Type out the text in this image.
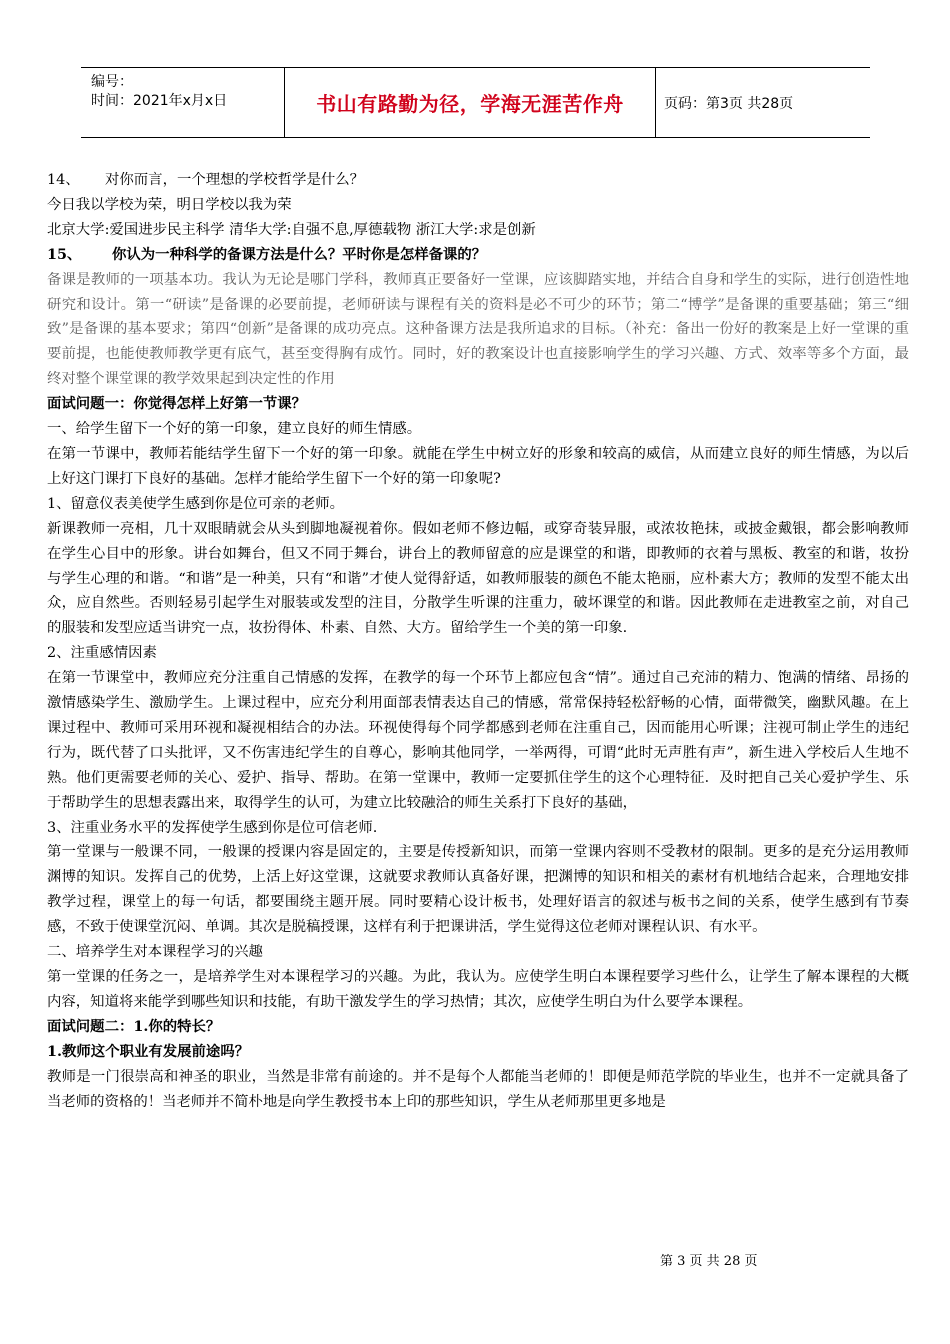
编号：
时间：2021年x月x日	书山有路勤为径，学海无涯苦作舟	页码：第3页 共28页
14、	对你而言，一个理想的学校哲学是什么？

今日我以学校为荣，明日学校以我为荣

北京大学:爱国进步民主科学 清华大学:自强不息,厚德载物 浙江大学:求是创新

15、	你认为一种科学的备课方法是什么？平时你是怎样备课的？

备课是教师的一项基本功。我认为无论是哪门学科，教师真正要备好一堂课，应该脚踏实地，并结合自身和学生的实际，进行创造性地研究和设计。第一“研读”是备课的必要前提，老师研读与课程有关的资料是必不可少的环节；第二“博学”是备课的重要基础；第三“细致”是备课的基本要求；第四“创新”是备课的成功亮点。这种备课方法是我所追求的目标。（补充：备出一份好的教案是上好一堂课的重要前提，也能使教师教学更有底气，甚至变得胸有成竹。同时，好的教案设计也直接影响学生的学习兴趣、方式、效率等多个方面，最终对整个课堂课的教学效果起到决定性的作用

面试问题一：你觉得怎样上好第一节课？

一、给学生留下一个好的第一印象，建立良好的师生情感。

在第一节课中，教师若能结学生留下一个好的第一印象。就能在学生中树立好的形象和较高的威信，从而建立良好的师生情感，为以后上好这门课打下良好的基础。怎样才能给学生留下一个好的第一印象呢?

1、留意仪表美使学生感到你是位可亲的老师。

新课教师一亮相，几十双眼睛就会从头到脚地凝视着你。假如老师不修边幅，或穿奇装异服，或浓妆艳抹，或披金戴银，都会影响教师在学生心目中的形象。讲台如舞台，但又不同于舞台，讲台上的教师留意的应是课堂的和谐，即教师的衣着与黑板、教室的和谐，妆扮与学生心理的和谐。“和谐”是一种美，只有“和谐”才使人觉得舒适，如教师服装的颜色不能太艳丽，应朴素大方；教师的发型不能太出众，应自然些。否则轻易引起学生对服装或发型的注目，分散学生听课的注重力，破坏课堂的和谐。因此教师在走进教室之前，对自己的服装和发型应适当讲究一点，妆扮得体、朴素、自然、大方。留给学生一个美的第一印象.

2、注重感情因素

在第一节课堂中，教师应充分注重自己情感的发挥，在教学的每一个环节上都应包含“情”。通过自己充沛的精力、饱满的情绪、昂扬的激情感染学生、激励学生。上课过程中，应充分利用面部表情表达自己的情感，常常保持轻松舒畅的心情，面带微笑，幽默风趣。在上课过程中、教师可采用环视和凝视相结合的办法。环视使得每个同学都感到老师在注重自己，因而能用心听课；注视可制止学生的违纪行为，既代替了口头批评，又不伤害违纪学生的自尊心，影响其他同学，一举两得，可谓“此时无声胜有声”，新生进入学校后人生地不熟。他们更需要老师的关心、爱护、指导、帮助。在第一堂课中，教师一定要抓住学生的这个心理特征．及时把自己关心爱护学生、乐于帮助学生的思想表露出来，取得学生的认可，为建立比较融洽的师生关系打下良好的基础，

3、注重业务水平的发挥使学生感到你是位可信老师.

第一堂课与一般课不同，一般课的授课内容是固定的，主要是传授新知识，而第一堂课内容则不受教材的限制。更多的是充分运用教师渊博的知识。发挥自己的优势，上活上好这堂课，这就要求教师认真备好课，把渊博的知识和相关的素材有机地结合起来，合理地安排教学过程，课堂上的每一句话，都要围绕主题开展。同时要精心设计板书，处理好语言的叙述与板书之间的关系，使学生感到有节奏感，不致于使课堂沉闷、单调。其次是脱稿授课，这样有利于把课讲活，学生觉得这位老师对课程认识、有水平。

二、培养学生对本课程学习的兴趣

第一堂课的任务之一，是培养学生对本课程学习的兴趣。为此，我认为。应使学生明白本课程要学习些什么，让学生了解本课程的大概内容，知道将来能学到哪些知识和技能，有助干激发学生的学习热情；其次，应使学生明白为什么要学本课程。

面试问题二：1.你的特长？

1.教师这个职业有发展前途吗？

教师是一门很崇高和神圣的职业，当然是非常有前途的。并不是每个人都能当老师的！即便是师范学院的毕业生，也并不一定就具备了当老师的资格的！当老师并不简朴地是向学生教授书本上印的那些知识，学生从老师那里更多地是

第 3 页 共 28 页
